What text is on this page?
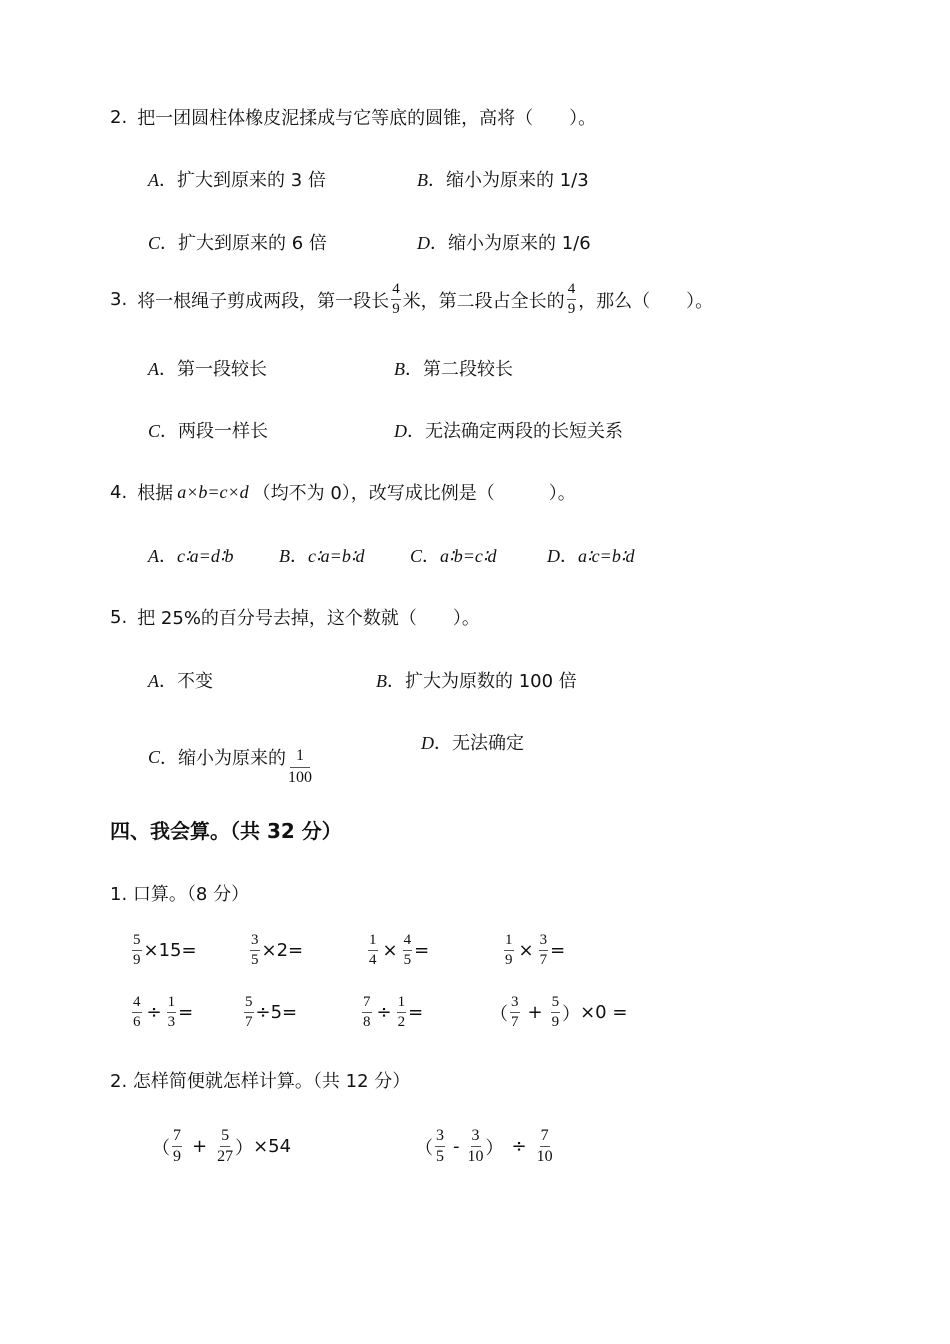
2. 把一团圆柱体橡皮泥揉成与它等底的圆锥，高将（　　）。
A．扩大到原来的 3 倍	B．缩小为原来的 1/3
C．扩大到原来的 6 倍	D．缩小为原来的 1/6
3. 将一根绳子剪成两段，第一段长 $\frac{4}{9}$ 米，第二段占全长的 $\frac{4}{9}$ ，那么（　　）。
A．第一段较长	B．第二段较长
C．两段一样长	D．无法确定两段的长短关系
4. 根据 a×b=c×d （均不为 0），改写成比例是（　　　）。
A．c∶a=d∶b	B．c∶a=b∶d	C．a∶b=c∶d	D．a∶c=b∶d
5. 把 25%的百分号去掉，这个数就（　　）。
A．不变	B．扩大为原数的 100 倍
C ． 缩小为原来的 $\frac{1}{100}$
D．无法确定
四、我会算。（共 32 分）
1. 口算。（8 分）
$\frac{5}{9} \times 15=$	$\frac{3}{5} \times 2=$	$\frac{1}{4} \times \frac{4}{5}$ =	$\frac{1}{9} \times \frac{3}{7}$ =
$\frac{4}{6} \div \frac{1}{3}$ =	$\frac{5}{7} \div 5=$	$\frac{7}{8} \div \frac{1}{2}$ =	（ $\frac{3}{7} + \frac{5}{9}$ ） ×0 =
2. 怎样简便就怎样计算。（共 12 分）
（ $\frac{7}{9} + \frac{5}{27}$ ） ×54	（ $\frac{3}{5} - \frac{3}{10}$ ） ÷ $\frac{7}{10}$
